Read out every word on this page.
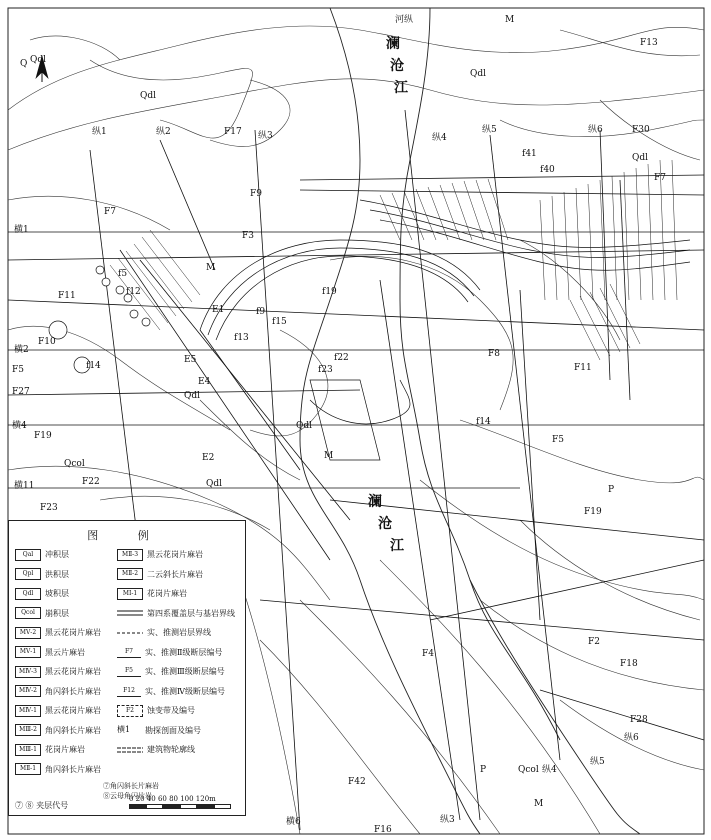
Q
澜
沧
江
澜
沧
江
河纵	M
F13
Qdl
Qdl
Qdl
纵1	纵2	F17 纵3	纵4
纵5	纵6	F30
f41
f40
Qdl
F7
F9
F7
F3
横1
M
F11
f5
f12
横2
F10
F5
F27
f9
f15
f13
E1
E5
f14
f19
f22
f23
F8
F11
横4
F19
E4
Qdl
Qdl	f14
F5
Qcol
横11	F22	Qdl
E2
F23
M
P
F19
F2
F18
F28
纵6
F4
F42
横6
F16
纵3
纵4
纵5
Qcol
P
M
图 例
Qal	冲积层
Qpl	洪积层
Qdl	坡积层
Qcol	崩积层
MⅤ-2	黑云花岗片麻岩
MⅤ-1	黑云片麻岩
MⅣ-3	黑云花岗片麻岩
MⅣ-2	角闪斜长片麻岩
MⅣ-1	黑云花岗片麻岩
MⅢ-2	角闪斜长片麻岩
MⅢ-1	花岗片麻岩
MⅡ-1	角闪斜长片麻岩
MⅡ-3	黑云花岗片麻岩
MⅡ-2	二云斜长片麻岩
MⅠ-1	花岗片麻岩
第四系覆盖层与基岩界线
实、推测岩层界线
F7	实、推测Ⅱ级断层编号
F5	实、推测Ⅲ级断层编号
F12	实、推测Ⅳ级断层编号
F2	蚀变带及编号
横1	勘探剖面及编号
建筑物轮廓线
⑦ ⑧ 夹层代号
⑦角闪斜长片麻岩
⑧云母角闪片岩
0 20 40 60 80 100 120m
